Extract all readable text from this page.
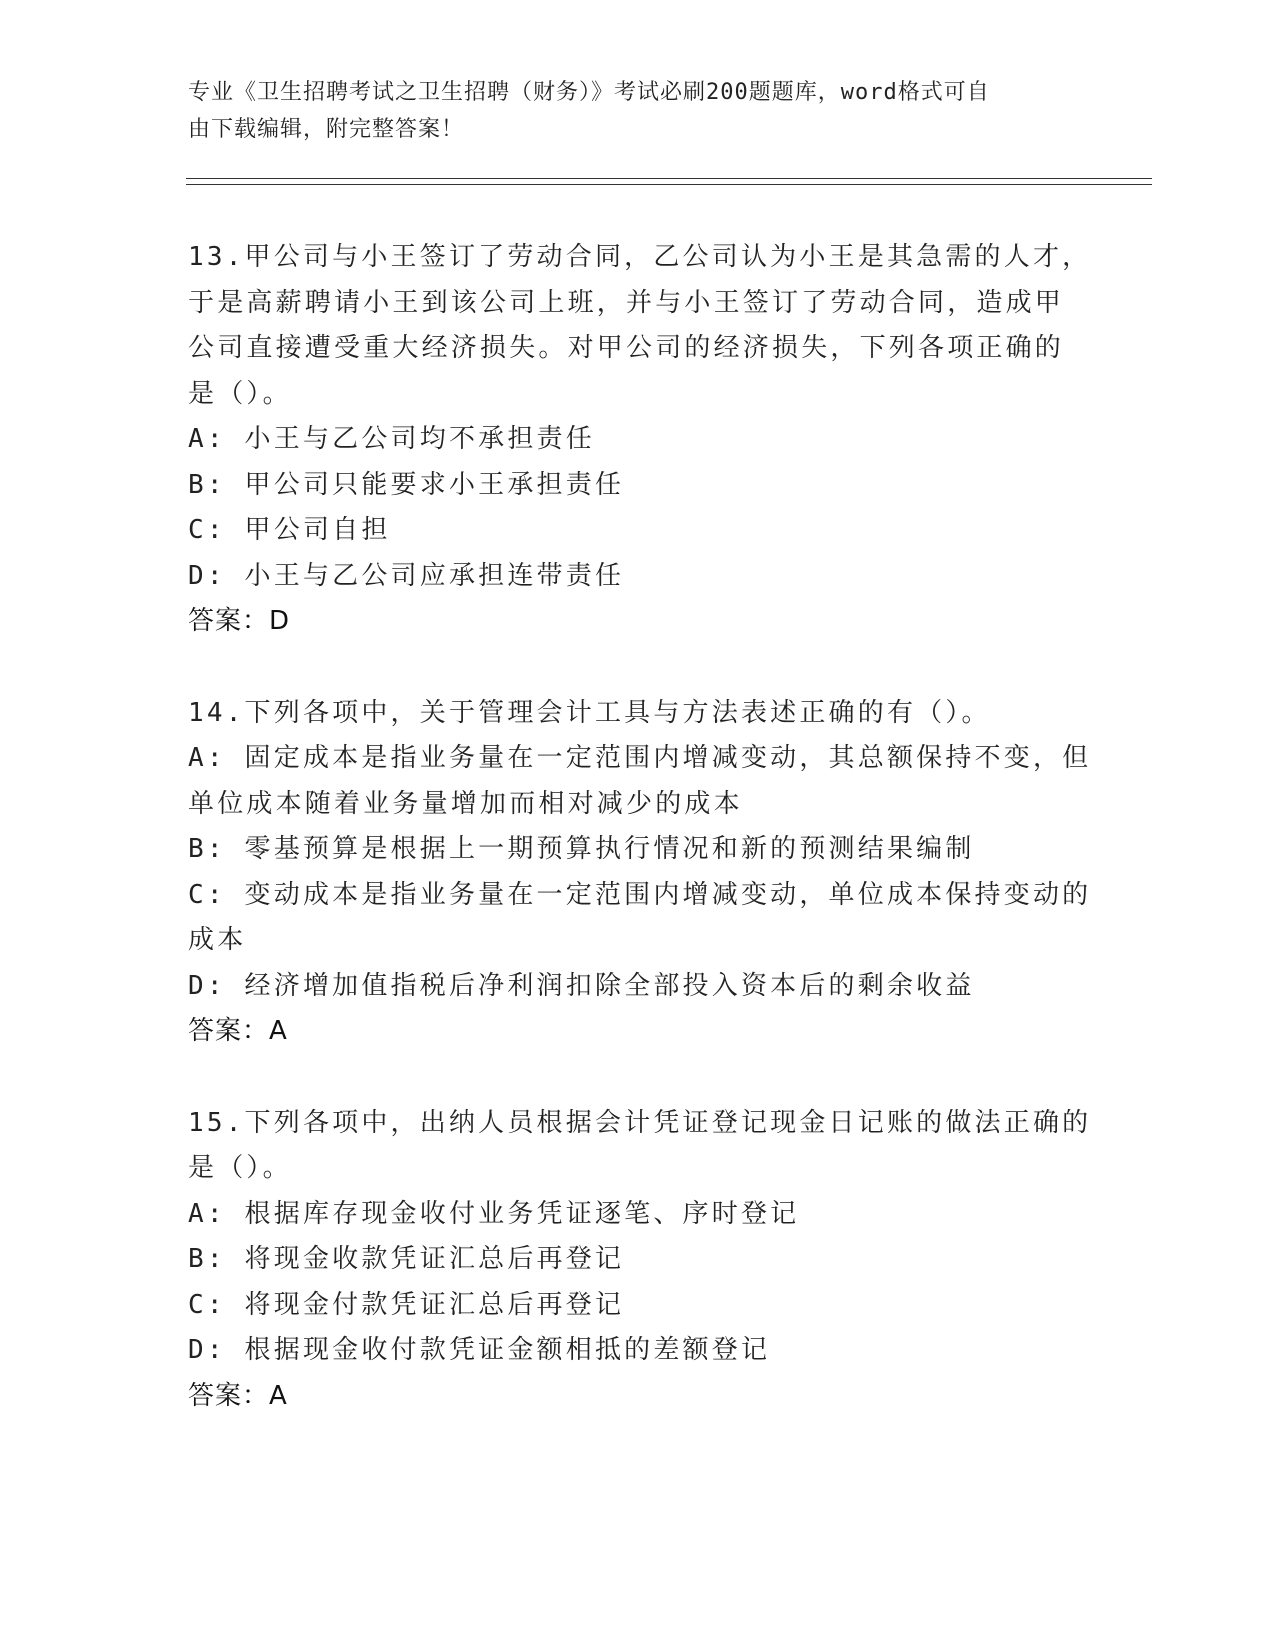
专业《卫生招聘考试之卫生招聘（财务）》考试必刷200题题库，word格式可自
由下载编辑，附完整答案！
13.甲公司与小王签订了劳动合同，乙公司认为小王是其急需的人才，
于是高薪聘请小王到该公司上班，并与小王签订了劳动合同，造成甲
公司直接遭受重大经济损失。对甲公司的经济损失，下列各项正确的
是（）。
A: 小王与乙公司均不承担责任
B: 甲公司只能要求小王承担责任
C: 甲公司自担
D: 小王与乙公司应承担连带责任
答案：D
14.下列各项中，关于管理会计工具与方法表述正确的有（）。
A: 固定成本是指业务量在一定范围内增减变动，其总额保持不变，但
单位成本随着业务量增加而相对减少的成本
B: 零基预算是根据上一期预算执行情况和新的预测结果编制
C: 变动成本是指业务量在一定范围内增减变动，单位成本保持变动的
成本
D: 经济增加值指税后净利润扣除全部投入资本后的剩余收益
答案：A
15.下列各项中，出纳人员根据会计凭证登记现金日记账的做法正确的
是（）。
A: 根据库存现金收付业务凭证逐笔、序时登记
B: 将现金收款凭证汇总后再登记
C: 将现金付款凭证汇总后再登记
D: 根据现金收付款凭证金额相抵的差额登记
答案：A
